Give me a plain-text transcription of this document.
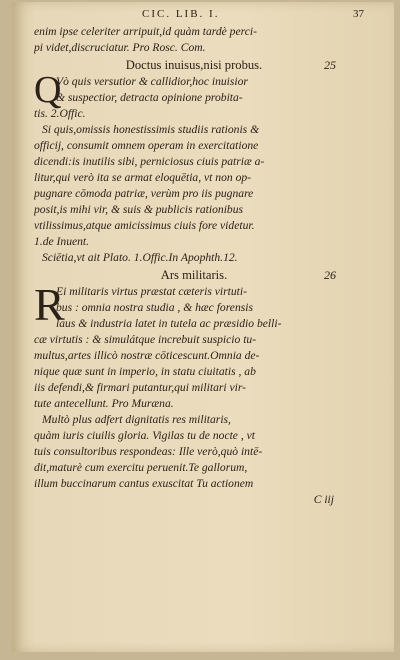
CIC. LIB. I.	37
enim ipse celeriter arripuit,id quàm tardè perci-
pi videt,discruciatur. Pro Rosc. Com.
Doctus inuisus,nisi probus.	25
Q
Vò quis versutior & callidior,hoc inuisior
& suspectior, detracta opinione probita-
tis. 2.Offic.
Si quis,omissis honestissimis studiis rationis &
officij, consumit omnem operam in exercitatione
dicendi:is inutilis sibi, perniciosus ciuis patriæ a-
litur,qui verò ita se armat eloquētia, vt non op-
pugnare cōmoda patriæ, verùm pro iis pugnare
posit,is mihi vir, & suis & publicis rationibus
vtilissimus,atque amicissimus ciuis fore videtur.
1.de Inuent.
Sciētia,vt ait Plato. 1.Offic.In Apophth.12.
Ars militaris.	26
R
Ei militaris virtus præstat cæteris virtuti-
bus : omnia nostra studia , & hæc forensis
laus & industria latet in tutela ac præsidio belli-
cæ virtutis : & simulátque increbuit suspicio tu-
multus,artes illicò nostræ cōticescunt.Omnia de-
nique quæ sunt in imperio, in statu ciuitatis , ab
iis defendi,& firmari putantur,qui militari vir-
tute antecellunt. Pro Muræna.
Multò plus adfert dignitatis res militaris,
quàm iuris ciuilis gloria. Vigilas tu de nocte , vt
tuis consultoribus respondeas: Ille verò,quò intē-
dit,maturè cum exercitu peruenit.Te gallorum,
illum buccinarum cantus exuscitat Tu actionem
C iij
